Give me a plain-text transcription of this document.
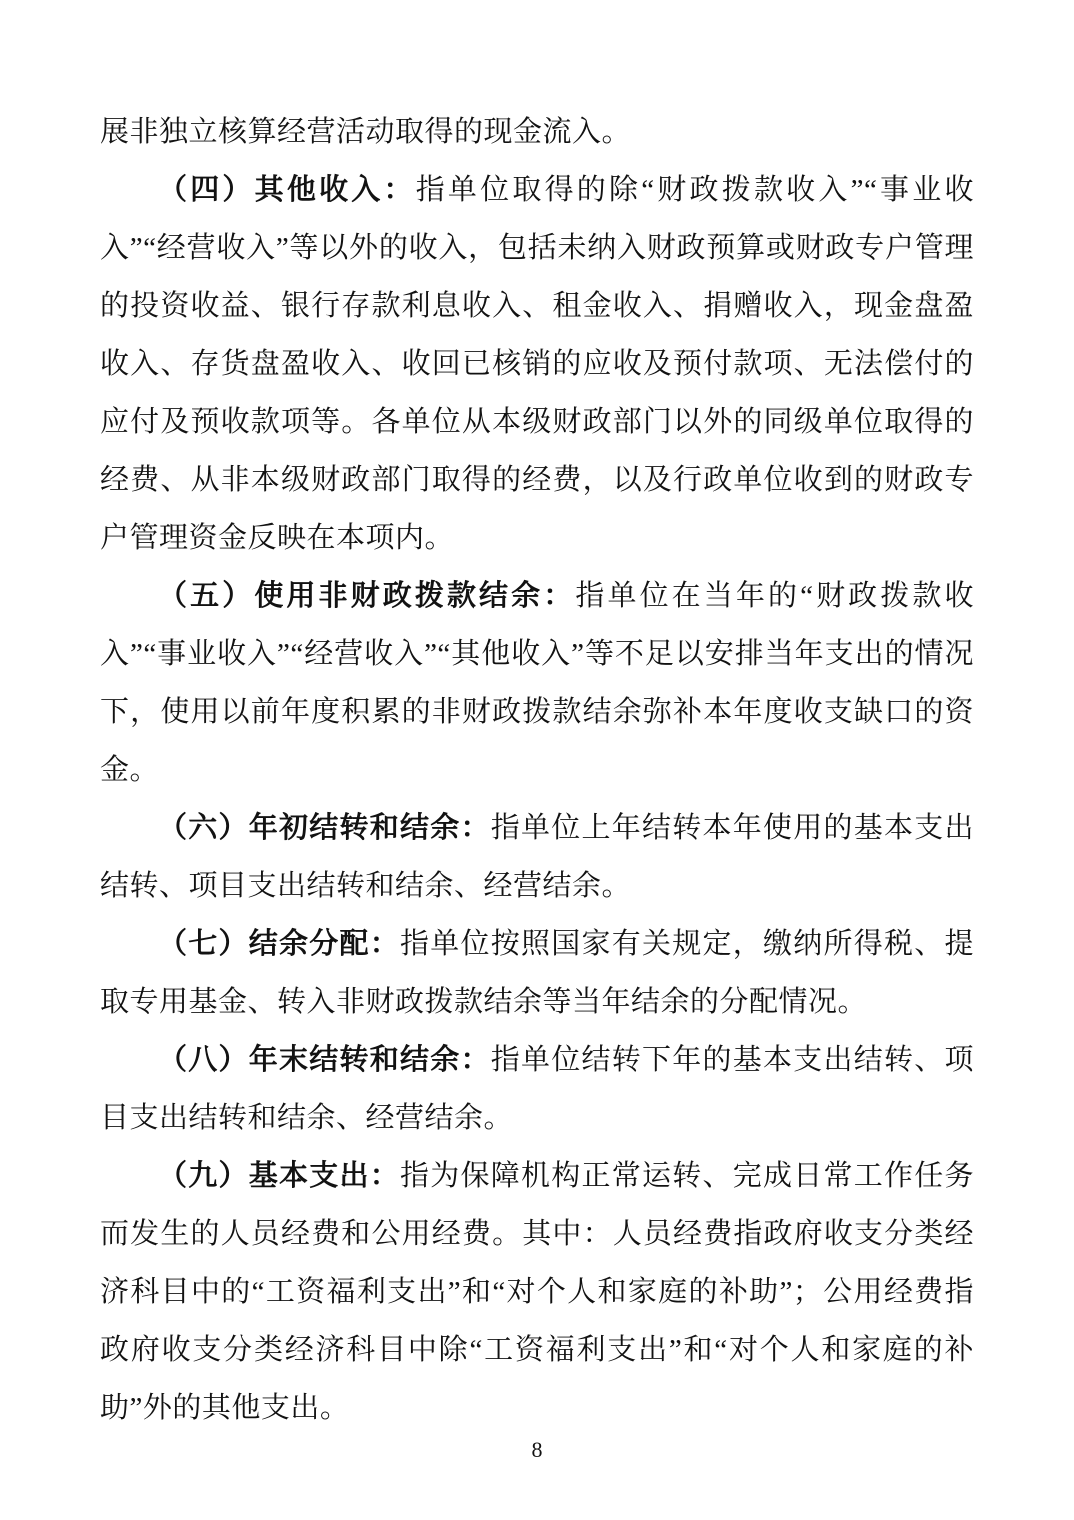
展非独立核算经营活动取得的现金流入。

（四）其他收入：指单位取得的除“财政拨款收入”“事业收入”“经营收入”等以外的收入，包括未纳入财政预算或财政专户管理的投资收益、银行存款利息收入、租金收入、捐赠收入，现金盘盈收入、存货盘盈收入、收回已核销的应收及预付款项、无法偿付的应付及预收款项等。各单位从本级财政部门以外的同级单位取得的经费、从非本级财政部门取得的经费，以及行政单位收到的财政专户管理资金反映在本项内。

（五）使用非财政拨款结余：指单位在当年的“财政拨款收入”“事业收入”“经营收入”“其他收入”等不足以安排当年支出的情况下，使用以前年度积累的非财政拨款结余弥补本年度收支缺口的资金。

（六）年初结转和结余：指单位上年结转本年使用的基本支出结转、项目支出结转和结余、经营结余。

（七）结余分配：指单位按照国家有关规定，缴纳所得税、提取专用基金、转入非财政拨款结余等当年结余的分配情况。

（八）年末结转和结余：指单位结转下年的基本支出结转、项目支出结转和结余、经营结余。

（九）基本支出：指为保障机构正常运转、完成日常工作任务而发生的人员经费和公用经费。其中：人员经费指政府收支分类经济科目中的“工资福利支出”和“对个人和家庭的补助”；公用经费指政府收支分类经济科目中除“工资福利支出”和“对个人和家庭的补助”外的其他支出。

8
